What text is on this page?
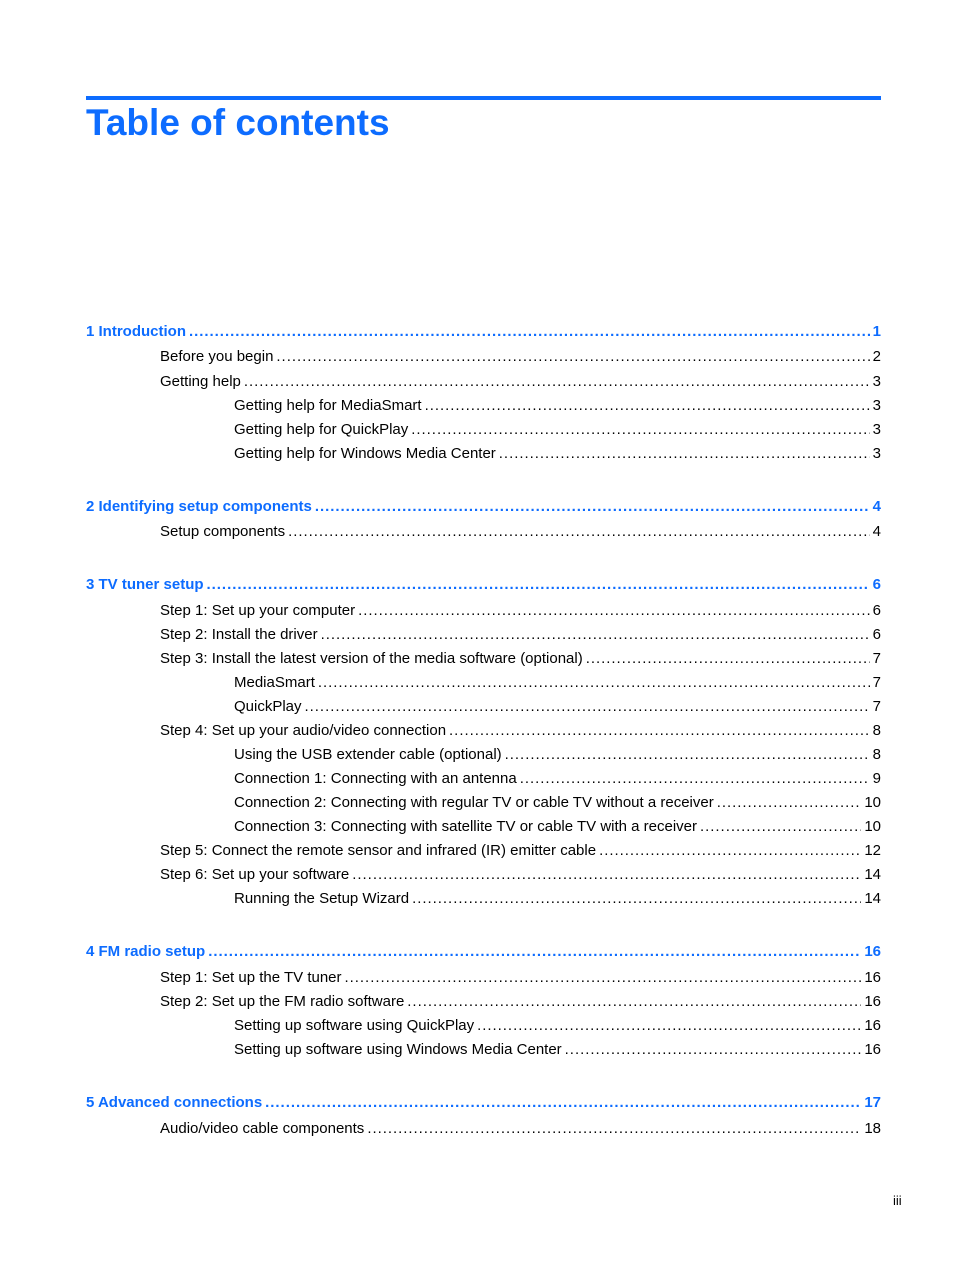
Table of contents
1 Introduction . . .	1
Before you begin . . .	2
Getting help . . .	3
Getting help for MediaSmart . . .	3
Getting help for QuickPlay . . .	3
Getting help for Windows Media Center . . .	3
2 Identifying setup components . . .	4
Setup components . . .	4
3 TV tuner setup . . .	6
Step 1: Set up your computer . . .	6
Step 2: Install the driver . . .	6
Step 3: Install the latest version of the media software (optional) . . .	7
MediaSmart . . .	7
QuickPlay . . .	7
Step 4: Set up your audio/video connection . . .	8
Using the USB extender cable (optional) . . .	8
Connection 1: Connecting with an antenna . . .	9
Connection 2: Connecting with regular TV or cable TV without a receiver . . .	10
Connection 3: Connecting with satellite TV or cable TV with a receiver . . .	10
Step 5: Connect the remote sensor and infrared (IR) emitter cable . . .	12
Step 6: Set up your software . . .	14
Running the Setup Wizard . . .	14
4 FM radio setup . . .	16
Step 1: Set up the TV tuner . . .	16
Step 2: Set up the FM radio software . . .	16
Setting up software using QuickPlay . . .	16
Setting up software using Windows Media Center . . .	16
5 Advanced connections . . .	17
Audio/video cable components . . .	18
iii
